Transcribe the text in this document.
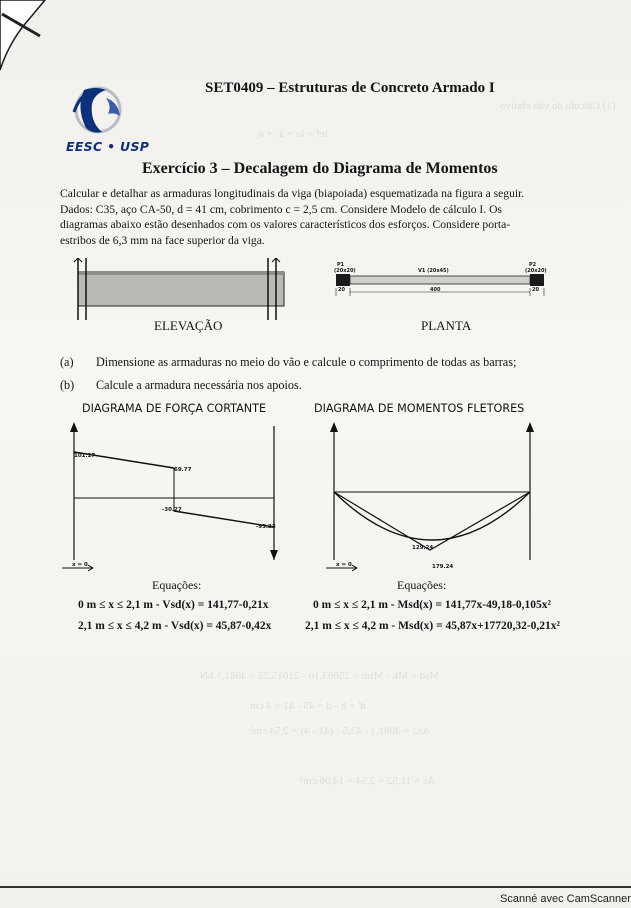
(1) Cálculo do vão efetivo
lef = lo + a₁ + a₂
SET0409 – Estruturas de Concreto Armado I
EESC • USP
Exercício 3 – Decalagem do Diagrama de Momentos
Calcular e detalhar as armaduras longitudinais da viga (biapoiada) esquematizada na figura a seguir.
Dados: C35, aço CA-50, d = 41 cm, cobrimento c = 2,5 cm. Considere Modelo de cálculo I. Os
diagramas abaixo estão desenhados com os valores característicos dos esforços. Considere porta-
estribos de 6,3 mm na face superior da viga.
ELEVAÇÃO
P1
(20x20)	V1 (20x45)
P2
(20x20)
20	400	20
PLANTA
(a) Dimensione as armaduras no meio do vão e calcule o comprimento de todas as barras;
(b) Calcule a armadura necessária nos apoios.
DIAGRAMA DE FORÇA CORTANTE	DIAGRAMA DE MOMENTOS FLETORES
101.27
69.77
-30.27
-93.23
x = 0
129.24
179.24
x = 0
Equações:	Equações:
0 m ≤ x ≤ 2,1 m - Vsd(x) = 141,77-0,21x
2,1 m ≤ x ≤ 4,2 m - Vsd(x) = 45,87-0,42x
0 m ≤ x ≤ 2,1 m - Msd(x) = 141,77x-49,18-0,105x²
2,1 m ≤ x ≤ 4,2 m - Msd(x) = 45,87x+17720,32-0,21x²
Msd = Mk - Mfm = 25093,10 - 21015,25 = 4081,1 kN
d' = h - d = 45 - 41 = 4 cm
As2 = 4081,1 / 43,5 · (41 - 4) = 2,54 cm²
As = 11,52 + 2,54 = 14,06 cm²
Scanné avec CamScanner
